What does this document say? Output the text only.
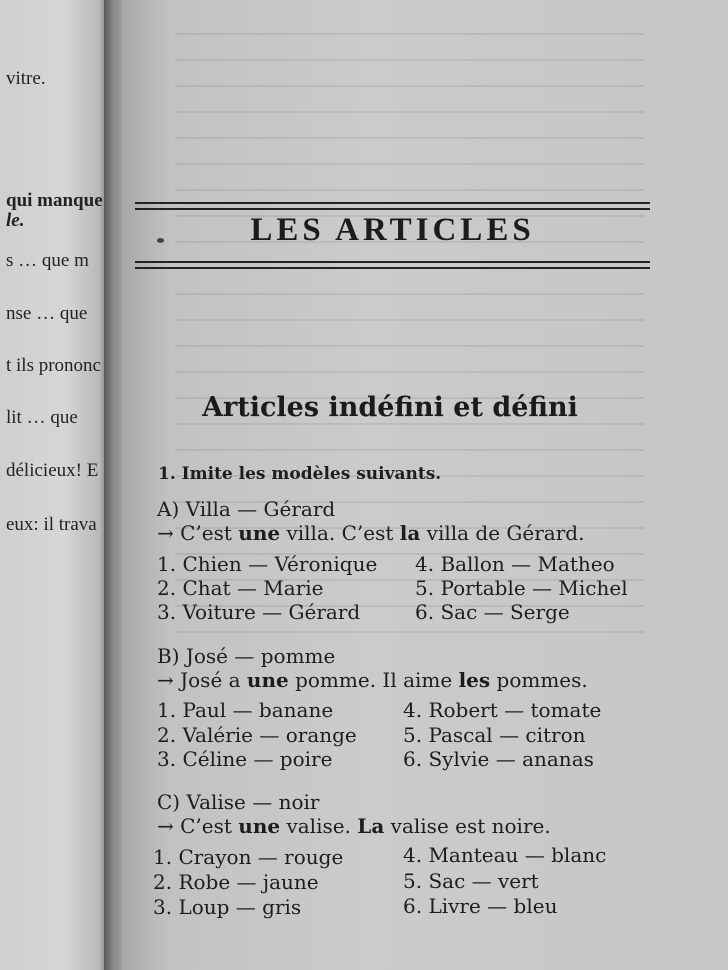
vitre.
qui manque
le.
s … que m
nse … que
t ils prononc
lit … que
délicieux! E
eux: il trava
LES ARTICLES
Articles indéfini et défini
1. Imite les modèles suivants.
A) Villa — Gérard
→ C’est une villa. C’est la villa de Gérard.
1. Chien — Véronique 4. Ballon — Matheo
2. Chat — Marie	5. Portable — Michel
3. Voiture — Gérard	6. Sac — Serge
B) José — pomme
→ José a une pomme. Il aime les pommes.
1. Paul — banane	4. Robert — tomate
2. Valérie — orange 5. Pascal — citron
3. Céline — poire	6. Sylvie — ananas
C) Valise — noir
→ C’est une valise. La valise est noire.
1. Crayon — rouge	4. Manteau — blanc
2. Robe — jaune	5. Sac — vert
3. Loup — gris	6. Livre — bleu
